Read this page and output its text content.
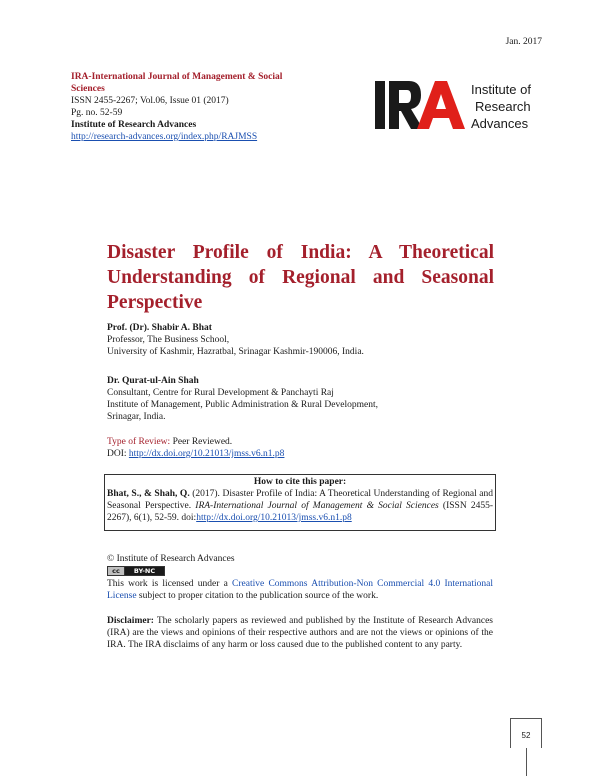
Jan. 2017
IRA-International Journal of Management & Social Sciences
ISSN 2455-2267; Vol.06, Issue 01 (2017)
Pg. no. 52-59
Institute of Research Advances
http://research-advances.org/index.php/RAJMSS
Institute of
Research
Advances
Disaster Profile of India: A Theoretical Understanding of Regional and Seasonal Perspective
Prof. (Dr). Shabir A. Bhat
Professor, The Business School,
University of Kashmir, Hazratbal, Srinagar Kashmir-190006, India.
Dr. Qurat-ul-Ain Shah
Consultant, Centre for Rural Development & Panchayti Raj
Institute of Management, Public Administration & Rural Development,
Srinagar, India.
Type of Review: Peer Reviewed.
DOI: http://dx.doi.org/10.21013/jmss.v6.n1.p8
How to cite this paper:
Bhat, S., & Shah, Q. (2017). Disaster Profile of India: A Theoretical Understanding of Regional and Seasonal Perspective. IRA-International Journal of Management & Social Sciences (ISSN 2455-2267), 6(1), 52-59. doi:http://dx.doi.org/10.21013/jmss.v6.n1.p8
© Institute of Research Advances
cc	BY-NC
This work is licensed under a Creative Commons Attribution-Non Commercial 4.0 International License subject to proper citation to the publication source of the work.
Disclaimer: The scholarly papers as reviewed and published by the Institute of Research Advances (IRA) are the views and opinions of their respective authors and are not the views or opinions of the IRA. The IRA disclaims of any harm or loss caused due to the published content to any party.
52
